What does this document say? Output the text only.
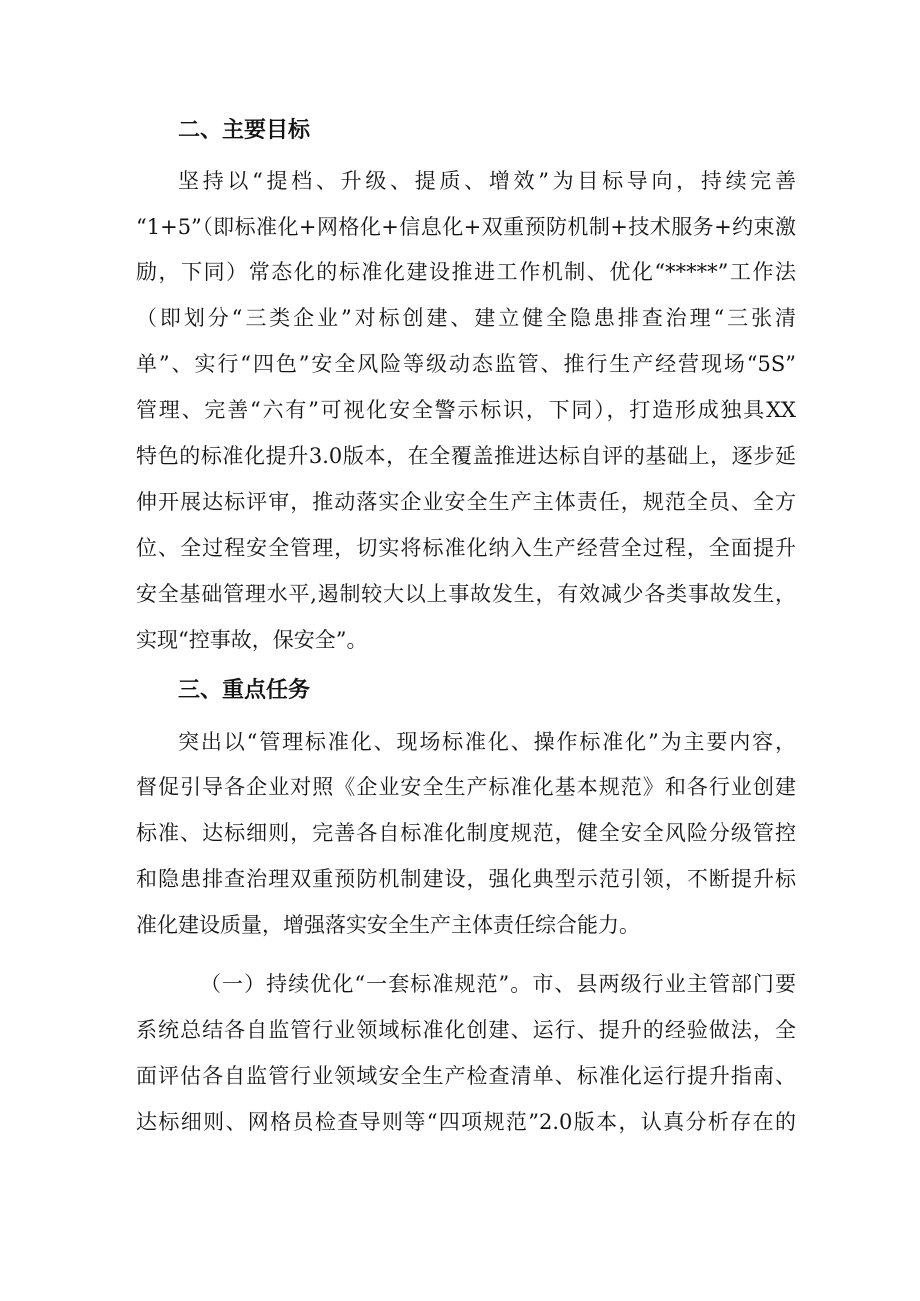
二、主要目标
坚持以“提档、升级、提质、增效”为目标导向，持续完善
“1+5”（即标准化+网格化+信息化+双重预防机制+技术服务+约束激
励，下同）常态化的标准化建设推进工作机制、优化“*****”工作法
（即划分“三类企业”对标创建、建立健全隐患排查治理“三张清
单”、实行“四色”安全风险等级动态监管、推行生产经营现场“5S”
管理、完善“六有”可视化安全警示标识，下同），打造形成独具XX
特色的标准化提升3.0版本，在全覆盖推进达标自评的基础上，逐步延
伸开展达标评审，推动落实企业安全生产主体责任，规范全员、全方
位、全过程安全管理，切实将标准化纳入生产经营全过程，全面提升
安全基础管理水平,遏制较大以上事故发生，有效减少各类事故发生，
实现“控事故，保安全”。
三、重点任务
突出以“管理标准化、现场标准化、操作标准化”为主要内容，
督促引导各企业对照《企业安全生产标准化基本规范》和各行业创建
标准、达标细则，完善各自标准化制度规范，健全安全风险分级管控
和隐患排查治理双重预防机制建设，强化典型示范引领，不断提升标
准化建设质量，增强落实安全生产主体责任综合能力。
（一）持续优化“一套标准规范”。市、县两级行业主管部门要
系统总结各自监管行业领域标准化创建、运行、提升的经验做法，全
面评估各自监管行业领域安全生产检查清单、标准化运行提升指南、
达标细则、网格员检查导则等“四项规范”2.0版本，认真分析存在的
